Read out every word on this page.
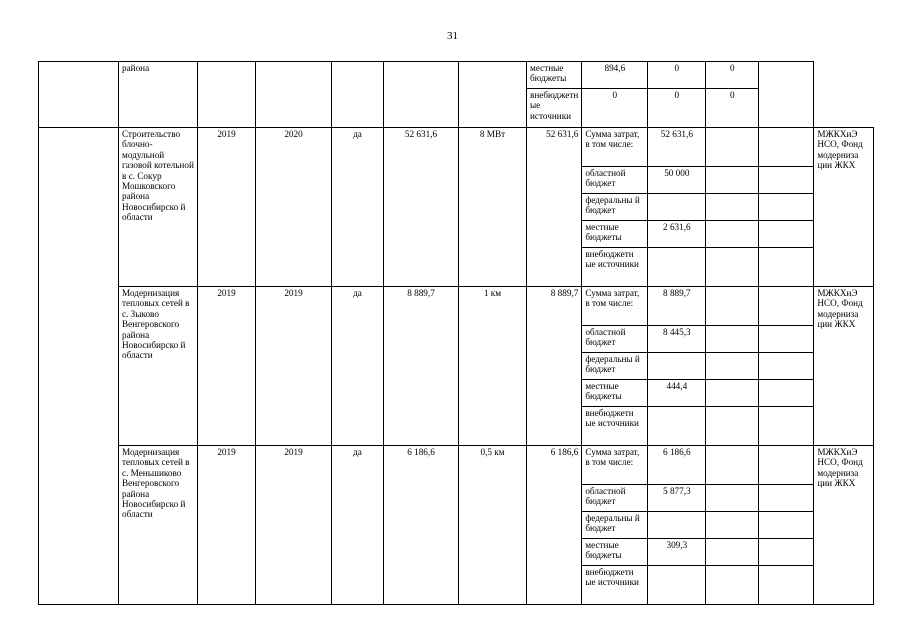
31
	района						местные бюджеты	894,6	0	0		
							внебюджетн ые источники	0	0	0		
	Строительство блочно-модульной газовой котельной в с. Сокур Мошковского района Новосибирско й области	2019	2020	да	52 631,6	8 МВт	52 631,6	Сумма затрат, в том числе:	52 631,6			МЖКХиЭ НСО, Фонд модерниза ции ЖКХ
								областной бюджет	50 000			
								федеральны й бюджет				
								местные бюджеты	2 631,6			
								внебюджетн ые источники				
	Модернизация тепловых сетей в с. Зыково Венгеровского района Новосибирско й области	2019	2019	да	8 889,7	1 км	8 889,7	Сумма затрат, в том числе:	8 889,7			МЖКХиЭ НСО, Фонд модерниза ции ЖКХ
								областной бюджет	8 445,3			
								федеральны й бюджет				
								местные бюджеты	444,4			
								внебюджетн ые источники				
	Модернизация тепловых сетей в с. Меньшиково Венгеровского района Новосибирско й области	2019	2019	да	6 186,6	0,5 км	6 186,6	Сумма затрат, в том числе:	6 186,6			МЖКХиЭ НСО, Фонд модерниза ции ЖКХ
								областной бюджет	5 877,3			
								федеральны й бюджет				
								местные бюджеты	309,3			
								внебюджетн ые источники				
